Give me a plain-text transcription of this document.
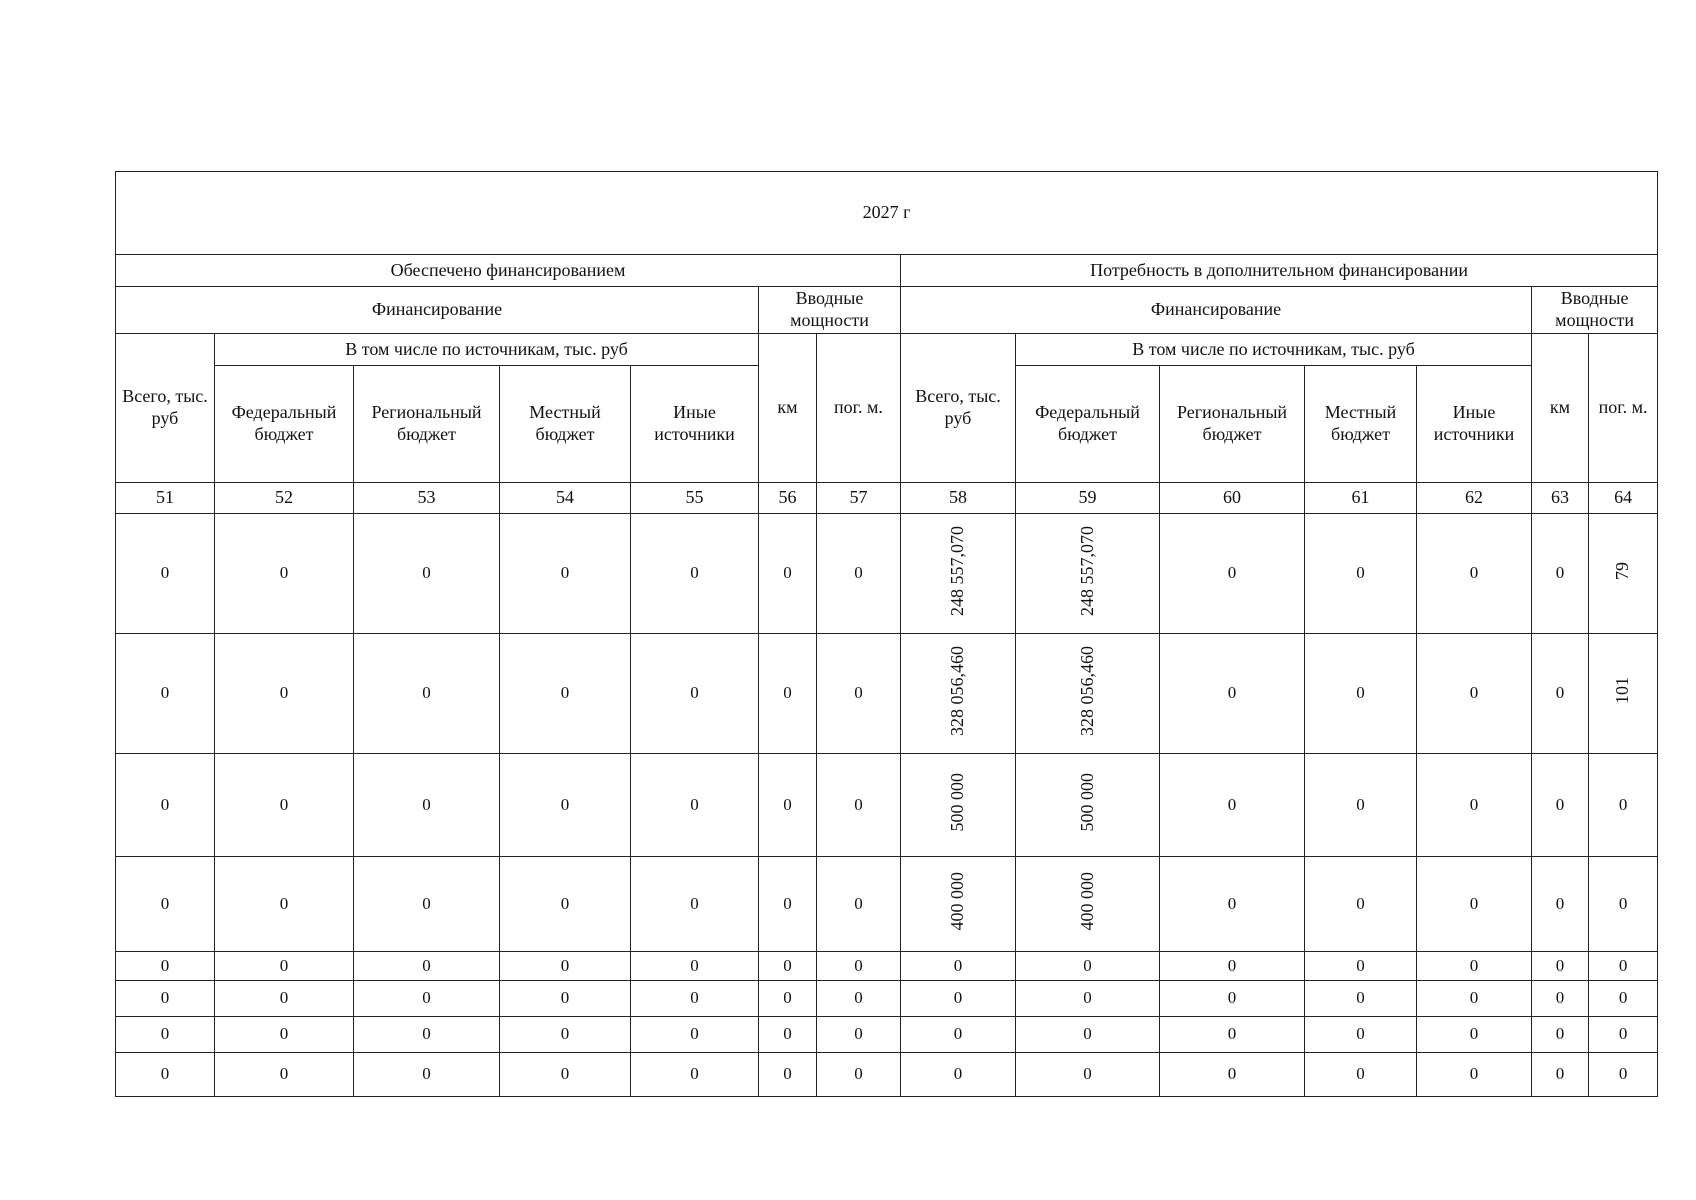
2027 г													
Обеспечено финансированием							Потребность в дополнительном финансировании						
Финансирование					Вводные мощности		Финансирование					Вводные мощности	
Всего, тыс. руб	В том числе по источникам, тыс. руб				км	пог. м.	Всего, тыс. руб	В том числе по источникам, тыс. руб				км	пог. м.
	Федеральный бюджет	Региональный бюджет	Местный бюджет	Иные источники				Федеральный бюджет	Региональный бюджет	Местный бюджет	Иные источники		
51	52	53	54	55	56	57	58	59	60	61	62	63	64
0	0	0	0	0	0	0	248 557,070	248 557,070	0	0	0	0	79
0	0	0	0	0	0	0	328 056,460	328 056,460	0	0	0	0	101
0	0	0	0	0	0	0	500 000	500 000	0	0	0	0	0
0	0	0	0	0	0	0	400 000	400 000	0	0	0	0	0
0	0	0	0	0	0	0	0	0	0	0	0	0	0
0	0	0	0	0	0	0	0	0	0	0	0	0	0
0	0	0	0	0	0	0	0	0	0	0	0	0	0
0	0	0	0	0	0	0	0	0	0	0	0	0	0
